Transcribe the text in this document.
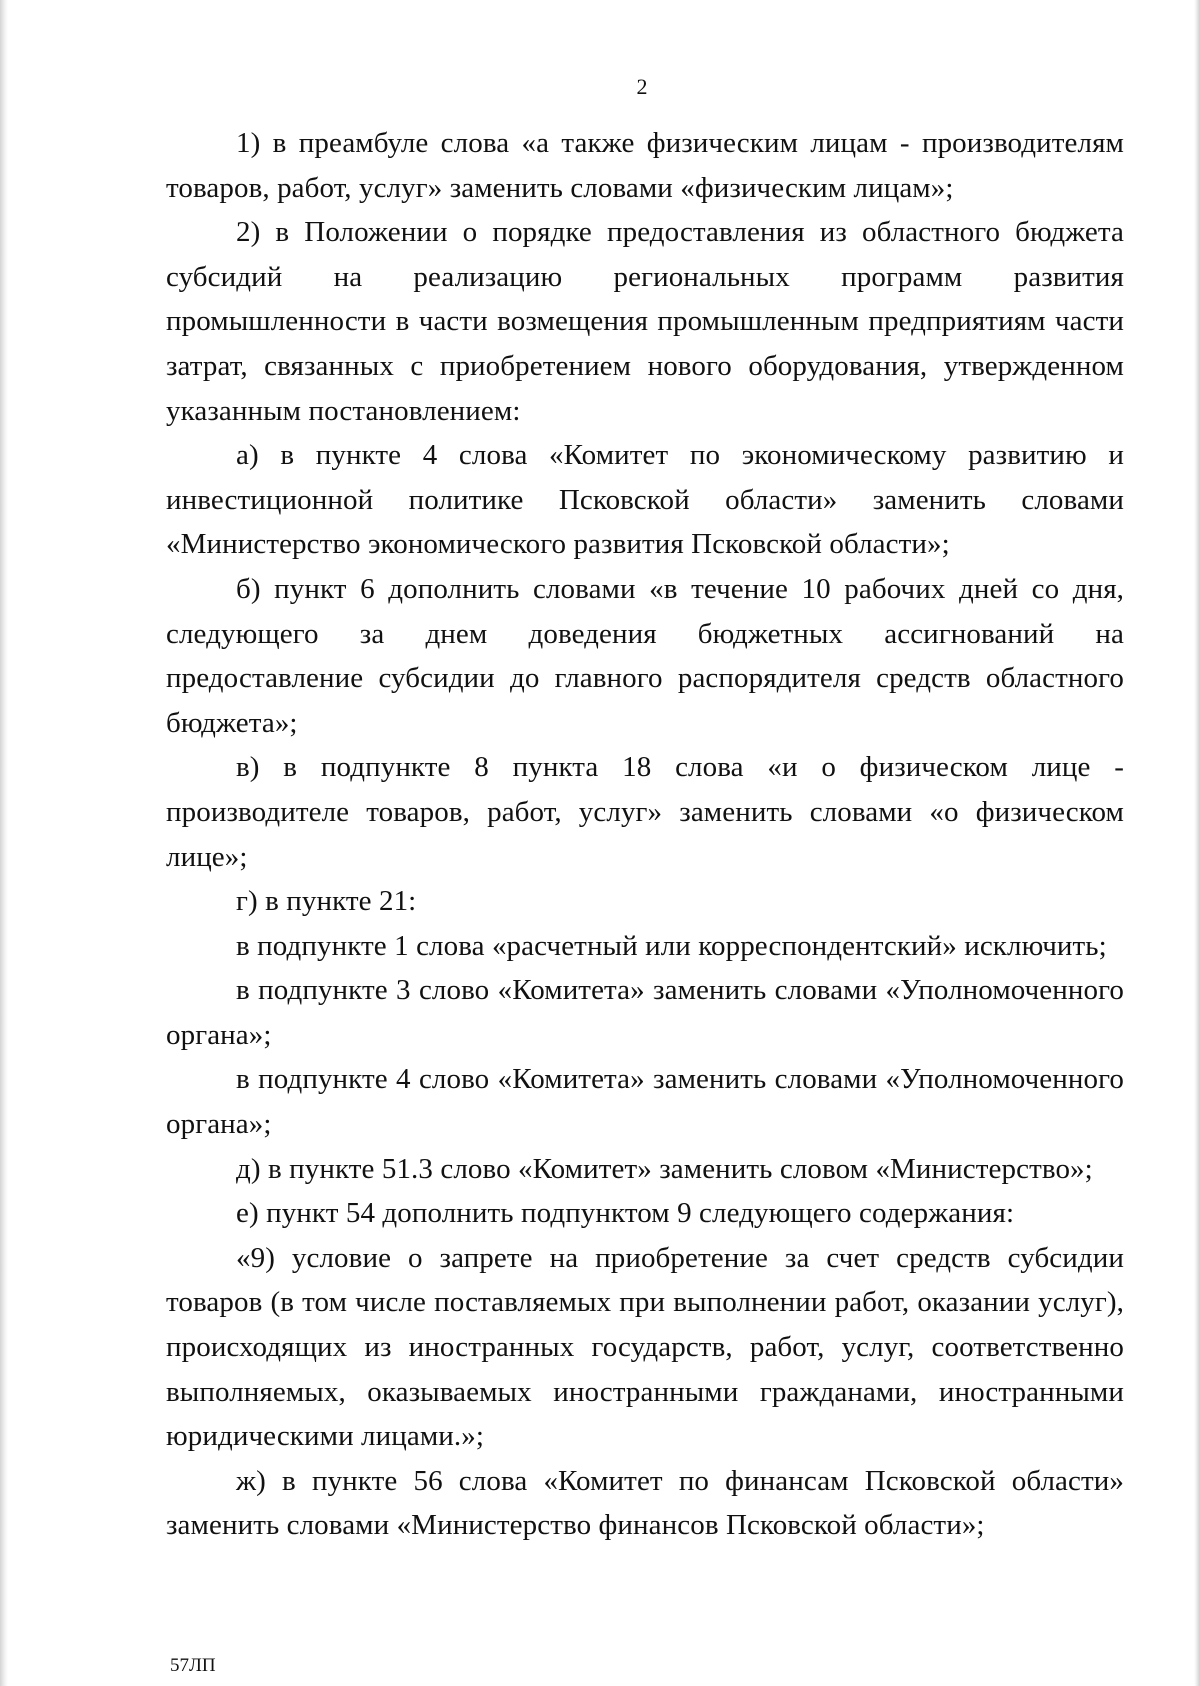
2

1) в преамбуле слова «а также физическим лицам - производителям товаров, работ, услуг» заменить словами «физическим лицам»;

2) в Положении о порядке предоставления из областного бюджета субсидий на реализацию региональных программ развития промышленности в части возмещения промышленным предприятиям части затрат, связанных с приобретением нового оборудования, утвержденном указанным постановлением:

а) в пункте 4 слова «Комитет по экономическому развитию и инвестиционной политике Псковской области» заменить словами «Министерство экономического развития Псковской области»;

б) пункт 6 дополнить словами «в течение 10 рабочих дней со дня, следующего за днем доведения бюджетных ассигнований на предоставление субсидии до главного распорядителя средств областного бюджета»;

в) в подпункте 8 пункта 18 слова «и о физическом лице - производителе товаров, работ, услуг» заменить словами «о физическом лице»;

г) в пункте 21:

в подпункте 1 слова «расчетный или корреспондентский» исключить;

в подпункте 3 слово «Комитета» заменить словами «Уполномоченного органа»;

в подпункте 4 слово «Комитета» заменить словами «Уполномоченного органа»;

д) в пункте 51.3 слово «Комитет» заменить словом «Министерство»;

е) пункт 54 дополнить подпунктом 9 следующего содержания:

«9) условие о запрете на приобретение за счет средств субсидии товаров (в том числе поставляемых при выполнении работ, оказании услуг), происходящих из иностранных государств, работ, услуг, соответственно выполняемых, оказываемых иностранными гражданами, иностранными юридическими лицами.»;

ж) в пункте 56 слова «Комитет по финансам Псковской области» заменить словами «Министерство финансов Псковской области»;

57ЛП
